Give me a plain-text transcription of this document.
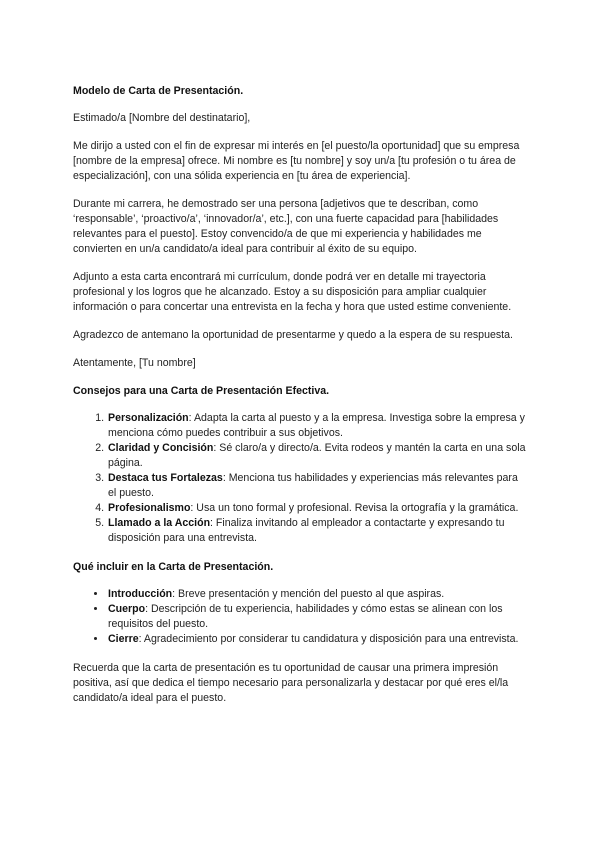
Modelo de Carta de Presentación.

Estimado/a [Nombre del destinatario],

Me dirijo a usted con el fin de expresar mi interés en [el puesto/la oportunidad] que su empresa [nombre de la empresa] ofrece. Mi nombre es [tu nombre] y soy un/a [tu profesión o tu área de especialización], con una sólida experiencia en [tu área de experiencia].

Durante mi carrera, he demostrado ser una persona [adjetivos que te describan, como ‘responsable’, ‘proactivo/a’, ‘innovador/a’, etc.], con una fuerte capacidad para [habilidades relevantes para el puesto]. Estoy convencido/a de que mi experiencia y habilidades me convierten en un/a candidato/a ideal para contribuir al éxito de su equipo.

Adjunto a esta carta encontrará mi currículum, donde podrá ver en detalle mi trayectoria profesional y los logros que he alcanzado. Estoy a su disposición para ampliar cualquier información o para concertar una entrevista en la fecha y hora que usted estime conveniente.

Agradezco de antemano la oportunidad de presentarme y quedo a la espera de su respuesta.

Atentamente, [Tu nombre]

Consejos para una Carta de Presentación Efectiva.
1. Personalización: Adapta la carta al puesto y a la empresa. Investiga sobre la empresa y menciona cómo puedes contribuir a sus objetivos.
2. Claridad y Concisión: Sé claro/a y directo/a. Evita rodeos y mantén la carta en una sola página.
3. Destaca tus Fortalezas: Menciona tus habilidades y experiencias más relevantes para el puesto.
4. Profesionalismo: Usa un tono formal y profesional. Revisa la ortografía y la gramática.
5. Llamado a la Acción: Finaliza invitando al empleador a contactarte y expresando tu disposición para una entrevista.
Qué incluir en la Carta de Presentación.
• Introducción: Breve presentación y mención del puesto al que aspiras.
• Cuerpo: Descripción de tu experiencia, habilidades y cómo estas se alinean con los requisitos del puesto.
• Cierre: Agradecimiento por considerar tu candidatura y disposición para una entrevista.

Recuerda que la carta de presentación es tu oportunidad de causar una primera impresión positiva, así que dedica el tiempo necesario para personalizarla y destacar por qué eres el/la candidato/a ideal para el puesto.
